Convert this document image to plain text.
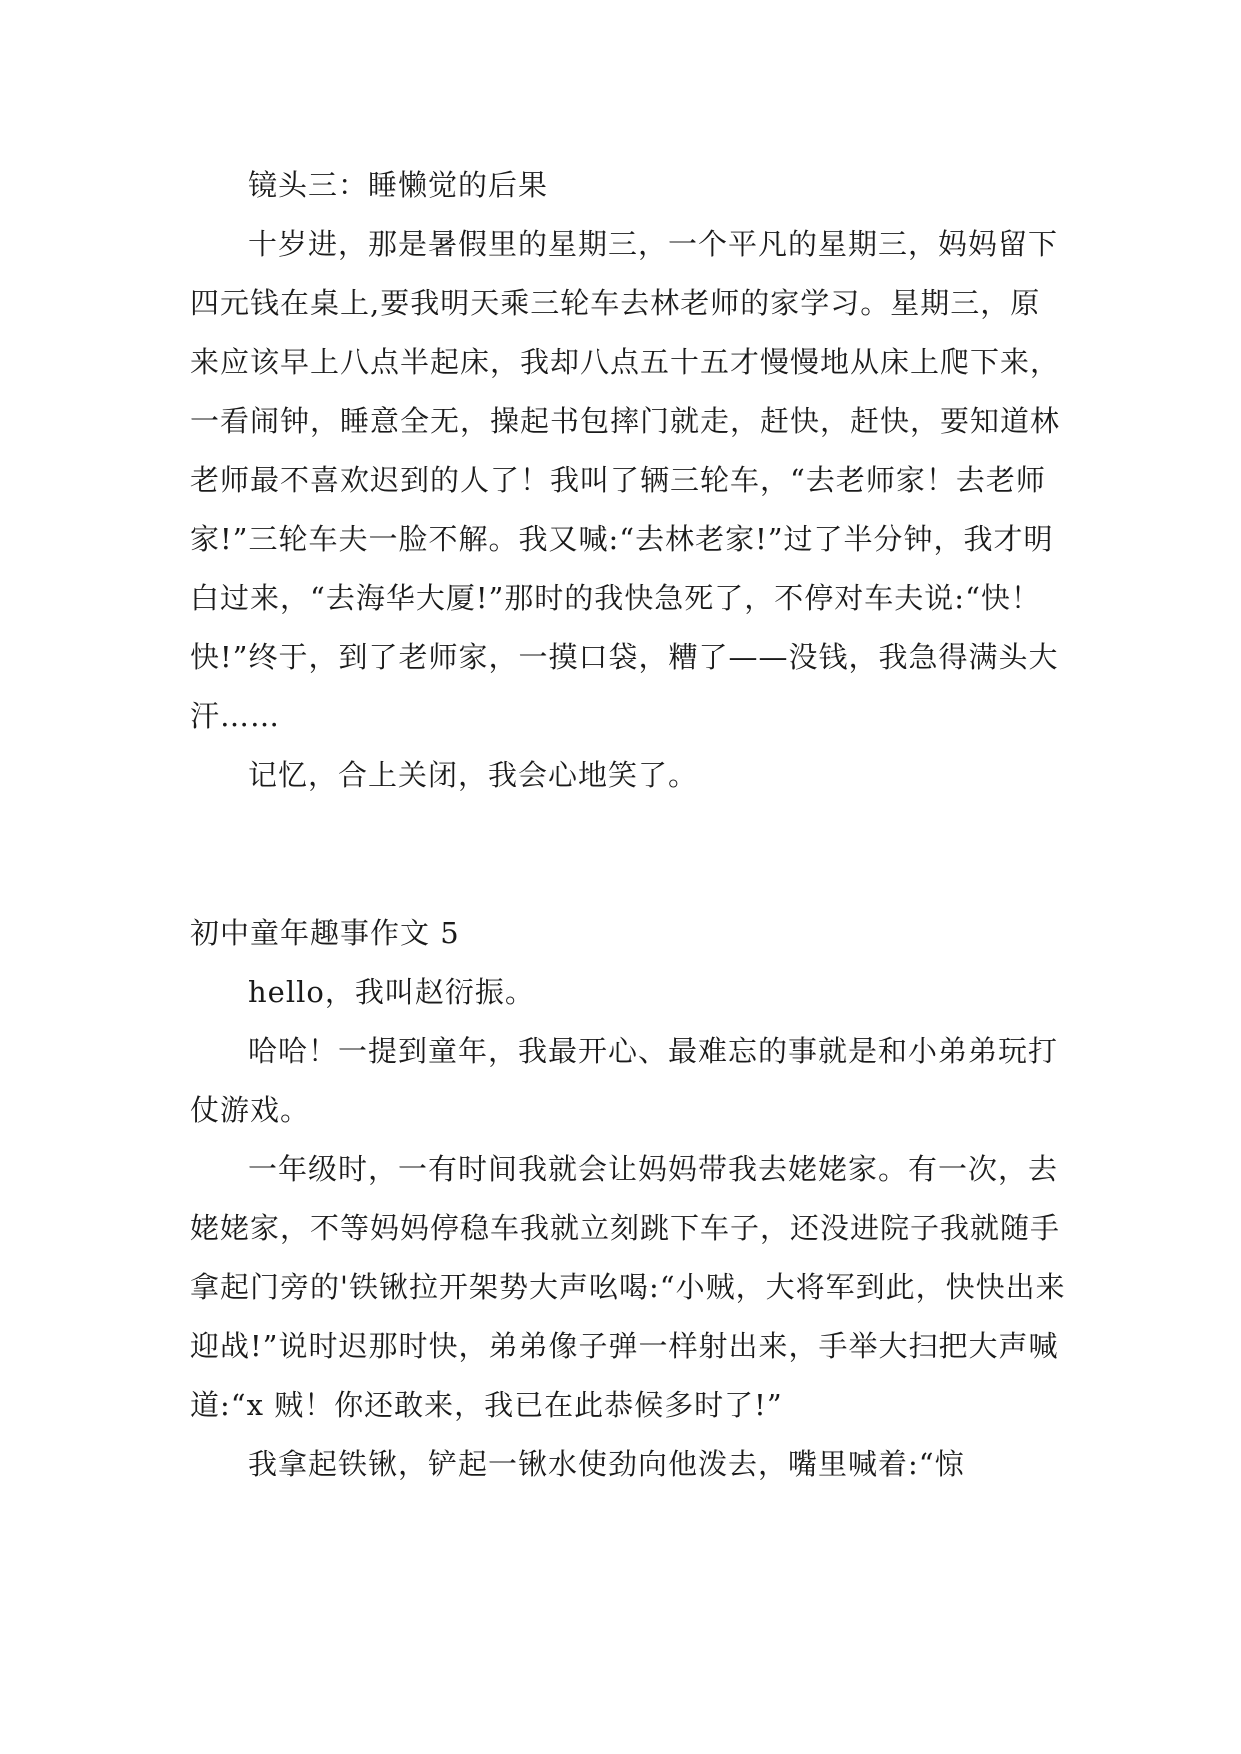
镜头三：睡懒觉的后果

十岁进，那是暑假里的星期三，一个平凡的星期三，妈妈留下四元钱在桌上,要我明天乘三轮车去林老师的家学习。星期三，原来应该早上八点半起床，我却八点五十五才慢慢地从床上爬下来，一看闹钟，睡意全无，操起书包摔门就走，赶快，赶快，要知道林老师最不喜欢迟到的人了！我叫了辆三轮车，“去老师家！去老师家!”三轮车夫一脸不解。我又喊:“去林老家!”过了半分钟，我才明白过来，“去海华大厦!”那时的我快急死了，不停对车夫说:“快！快!”终于，到了老师家，一摸口袋，糟了——没钱，我急得满头大汗……

记忆，合上关闭，我会心地笑了。

初中童年趣事作文 5

hello，我叫赵衍振。

哈哈！一提到童年，我最开心、最难忘的事就是和小弟弟玩打仗游戏。

一年级时，一有时间我就会让妈妈带我去姥姥家。有一次，去姥姥家，不等妈妈停稳车我就立刻跳下车子，还没进院子我就随手拿起门旁的'铁锹拉开架势大声吆喝:“小贼，大将军到此，快快出来迎战!”说时迟那时快，弟弟像子弹一样射出来，手举大扫把大声喊道:“x 贼！你还敢来，我已在此恭候多时了!”

我拿起铁锹，铲起一锹水使劲向他泼去，嘴里喊着:“惊
